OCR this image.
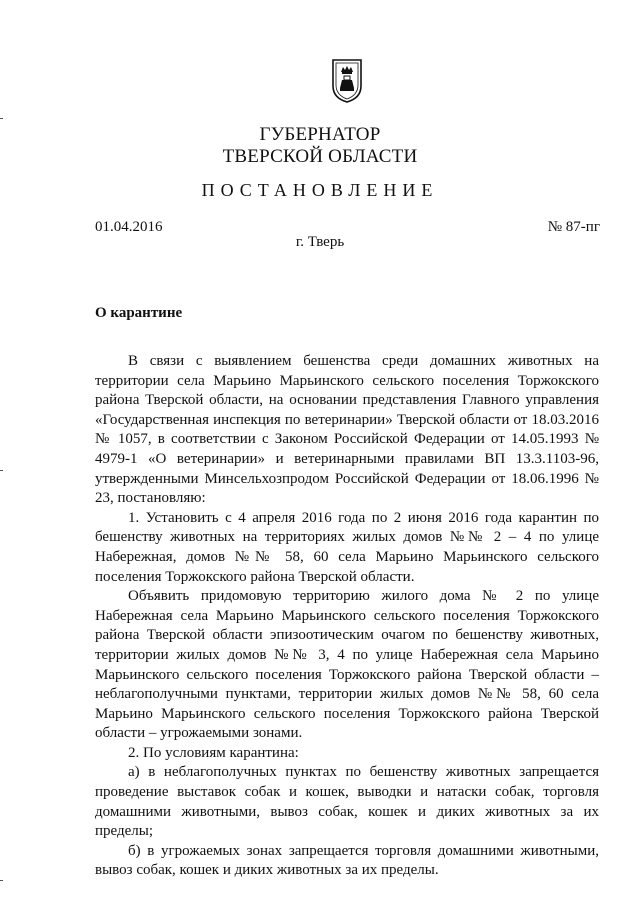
ГУБЕРНАТОР
ТВЕРСКОЙ ОБЛАСТИ
ПОСТАНОВЛЕНИЕ
01.04.2016	№ 87-пг
г. Тверь
О карантине

В связи с выявлением бешенства среди домашних животных на территории села Марьино Марьинского сельского поселения Торжокского района Тверской области, на основании представления Главного управления «Государственная инспекция по ветеринарии» Тверской области от 18.03.2016 № 1057, в соответствии с Законом Российской Федерации от 14.05.1993 № 4979-1 «О ветеринарии» и ветеринарными правилами ВП 13.3.1103-96, утвержденными Минсельхозпродом Российской Федерации от 18.06.1996 № 23, постановляю:

1. Установить с 4 апреля 2016 года по 2 июня 2016 года карантин по бешенству животных на территориях жилых домов №№ 2 – 4 по улице Набережная, домов №№ 58, 60 села Марьино Марьинского сельского поселения Торжокского района Тверской области.

Объявить придомовую территорию жилого дома № 2 по улице Набережная села Марьино Марьинского сельского поселения Торжокского района Тверской области эпизоотическим очагом по бешенству животных, территории жилых домов №№ 3, 4 по улице Набережная села Марьино Марьинского сельского поселения Торжокского района Тверской области – неблагополучными пунктами, территории жилых домов №№ 58, 60 села Марьино Марьинского сельского поселения Торжокского района Тверской области – угрожаемыми зонами.

2. По условиям карантина:

а) в неблагополучных пунктах по бешенству животных запрещается проведение выставок собак и кошек, выводки и натаски собак, торговля домашними животными, вывоз собак, кошек и диких животных за их пределы;

б) в угрожаемых зонах запрещается торговля домашними животными, вывоз собак, кошек и диких животных за их пределы.
